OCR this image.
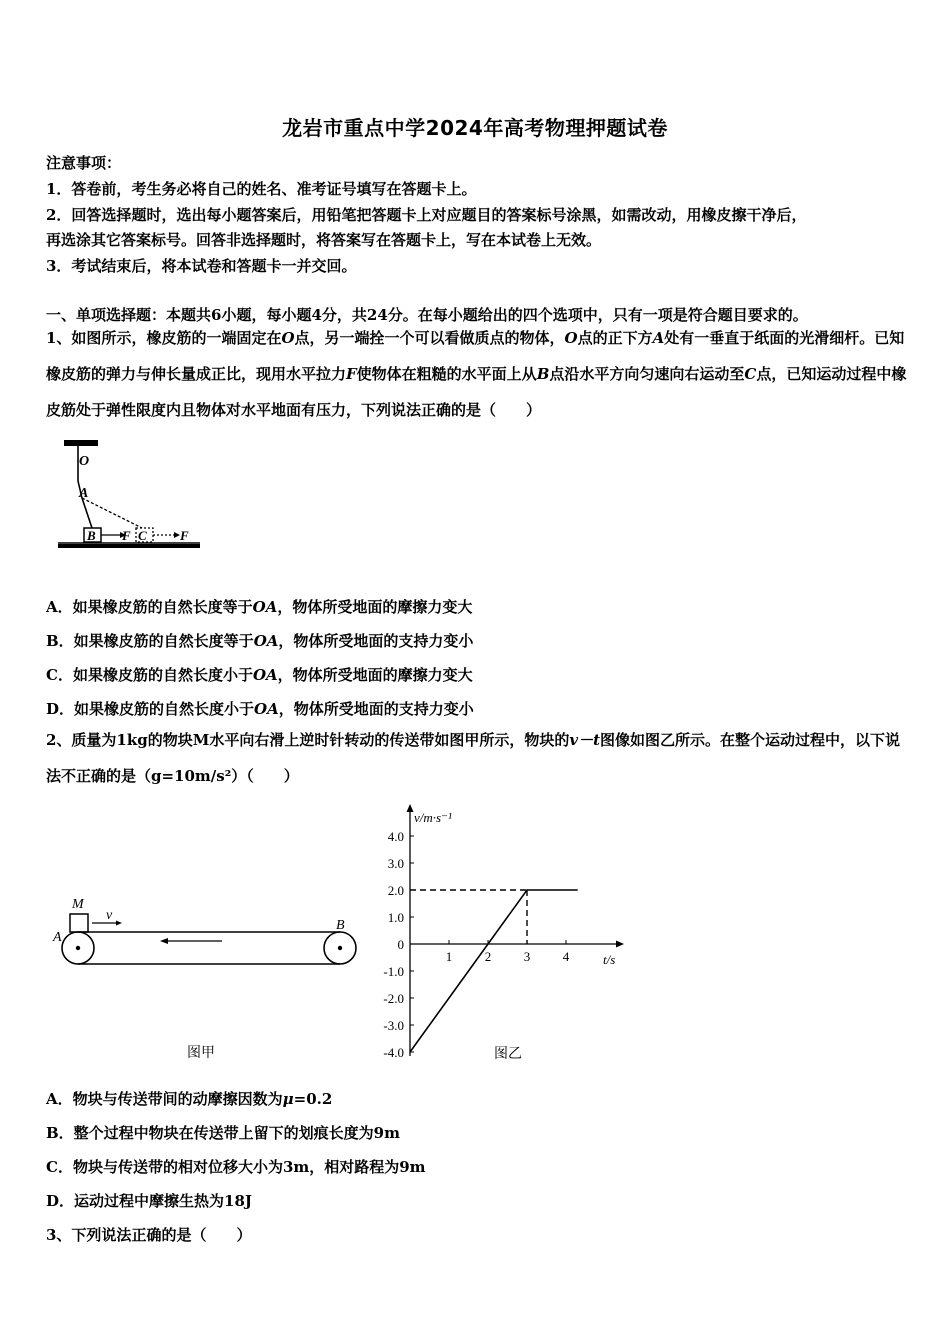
龙岩市重点中学2024年高考物理押题试卷
注意事项：
1．答卷前，考生务必将自己的姓名、准考证号填写在答题卡上。
2．回答选择题时，选出每小题答案后，用铅笔把答题卡上对应题目的答案标号涂黑，如需改动，用橡皮擦干净后，
再选涂其它答案标号。回答非选择题时，将答案写在答题卡上，写在本试卷上无效。
3．考试结束后，将本试卷和答题卡一并交回。
一、单项选择题：本题共6小题，每小题4分，共24分。在每小题给出的四个选项中，只有一项是符合题目要求的。
1、如图所示，橡皮筋的一端固定在O点，另一端拴一个可以看做质点的物体，O点的正下方A处有一垂直于纸面的光滑细杆。已知橡皮筋的弹力与伸长量成正比，现用水平拉力F使物体在粗糙的水平面上从B点沿水平方向匀速向右运动至C点，已知运动过程中橡皮筋处于弹性限度内且物体对水平地面有压力，下列说法正确的是（　　）
O
A
B F C	F
A．如果橡皮筋的自然长度等于OA，物体所受地面的摩擦力变大
B．如果橡皮筋的自然长度等于OA，物体所受地面的支持力变小
C．如果橡皮筋的自然长度小于OA，物体所受地面的摩擦力变大
D．如果橡皮筋的自然长度小于OA，物体所受地面的支持力变小
2、质量为1kg的物块M水平向右滑上逆时针转动的传送带如图甲所示，物块的v－t图像如图乙所示。在整个运动过程中，以下说法不正确的是（g=10m/s²）（　　）
M
v
A
B
图甲
v/m·s⁻¹
t/s
4.0
3.0
2.0
1.0
0
-1.0
-2.0
-3.0
-4.0
1	2	3	4
图乙
A．物块与传送带间的动摩擦因数为μ=0.2
B．整个过程中物块在传送带上留下的划痕长度为9m
C．物块与传送带的相对位移大小为3m，相对路程为9m
D．运动过程中摩擦生热为18J
3、下列说法正确的是（　　）
